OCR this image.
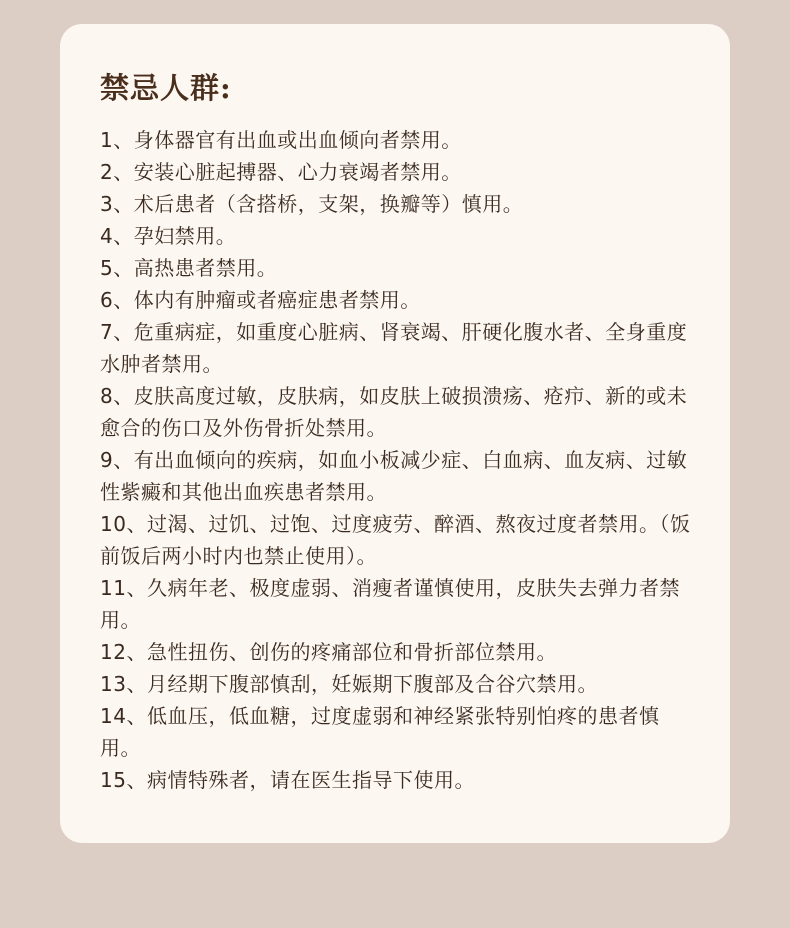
禁忌人群:
1、身体器官有出血或出血倾向者禁用。
2、安装心脏起搏器、心力衰竭者禁用。
3、术后患者（含搭桥，支架，换瓣等）慎用。
4、孕妇禁用。
5、高热患者禁用。
6、体内有肿瘤或者癌症患者禁用。
7、危重病症，如重度心脏病、肾衰竭、肝硬化腹水者、全身重度水肿者禁用。
8、皮肤高度过敏，皮肤病，如皮肤上破损溃疡、疮疖、新的或未愈合的伤口及外伤骨折处禁用。
9、有出血倾向的疾病，如血小板减少症、白血病、血友病、过敏性紫癜和其他出血疾患者禁用。
10、过渴、过饥、过饱、过度疲劳、醉酒、熬夜过度者禁用。（饭前饭后两小时内也禁止使用）。
11、久病年老、极度虚弱、消瘦者谨慎使用，皮肤失去弹力者禁用。
12、急性扭伤、创伤的疼痛部位和骨折部位禁用。
13、月经期下腹部慎刮，妊娠期下腹部及合谷穴禁用。
14、低血压，低血糖，过度虚弱和神经紧张特别怕疼的患者慎用。
15、病情特殊者，请在医生指导下使用。
